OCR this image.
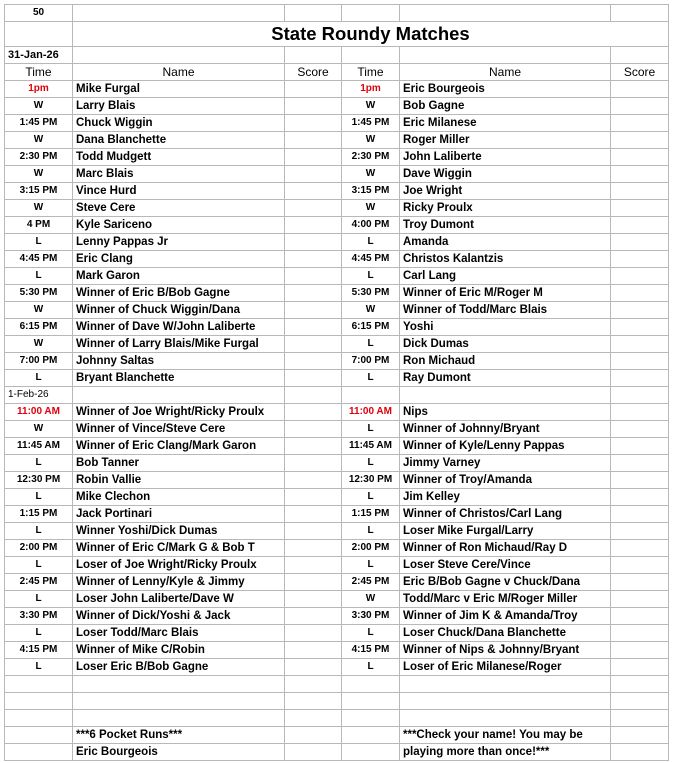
50					
	State Roundy Matches				
31-Jan-26					
Time	Name	Score	Time	Name	Score
1pm	Mike Furgal		1pm	Eric Bourgeois	
W	Larry Blais		W	Bob Gagne	
1:45 PM	Chuck Wiggin		1:45 PM	Eric Milanese	
W	Dana Blanchette		W	Roger Miller	
2:30 PM	Todd Mudgett		2:30 PM	John Laliberte	
W	Marc Blais		W	Dave Wiggin	
3:15 PM	Vince Hurd		3:15 PM	Joe Wright	
W	Steve Cere		W	Ricky Proulx	
4 PM	Kyle Sariceno		4:00 PM	Troy Dumont	
L	Lenny Pappas Jr		L	Amanda	
4:45 PM	Eric Clang		4:45 PM	Christos Kalantzis	
L	Mark Garon		L	Carl Lang	
5:30 PM	Winner of Eric B/Bob Gagne		5:30 PM	Winner of Eric M/Roger M	
W	Winner of Chuck Wiggin/Dana		W	Winner of Todd/Marc Blais	
6:15 PM	Winner of Dave W/John Laliberte		6:15 PM	Yoshi	
W	Winner of Larry Blais/Mike Furgal		L	Dick Dumas	
7:00 PM	Johnny Saltas		7:00 PM	Ron Michaud	
L	Bryant Blanchette		L	Ray Dumont	
1-Feb-26					
11:00 AM	Winner of Joe Wright/Ricky Proulx		11:00 AM	Nips	
W	Winner of Vince/Steve Cere		L	Winner of Johnny/Bryant	
11:45 AM	Winner of Eric Clang/Mark Garon		11:45 AM	Winner of Kyle/Lenny Pappas	
L	Bob Tanner		L	Jimmy Varney	
12:30 PM	Robin Vallie		12:30 PM	Winner of Troy/Amanda	
L	Mike Clechon		L	Jim Kelley	
1:15 PM	Jack Portinari		1:15 PM	Winner of Christos/Carl Lang	
L	Winner Yoshi/Dick Dumas		L	Loser Mike Furgal/Larry	
2:00 PM	Winner of Eric C/Mark G & Bob T		2:00 PM	Winner of Ron Michaud/Ray D	
L	Loser of Joe Wright/Ricky Proulx		L	Loser Steve Cere/Vince	
2:45 PM	Winner of Lenny/Kyle & Jimmy		2:45 PM	Eric B/Bob Gagne v Chuck/Dana	
L	Loser John Laliberte/Dave W		W	Todd/Marc v Eric M/Roger Miller	
3:30 PM	Winner of Dick/Yoshi & Jack		3:30 PM	Winner of Jim K & Amanda/Troy	
L	Loser Todd/Marc Blais		L	Loser Chuck/Dana Blanchette	
4:15 PM	Winner of Mike C/Robin		4:15 PM	Winner of Nips & Johnny/Bryant	
L	Loser Eric B/Bob Gagne		L	Loser of Eric Milanese/Roger	

	***6 Pocket Runs***			***Check your name! You may be	
	Eric Bourgeois			playing more than once!***	
